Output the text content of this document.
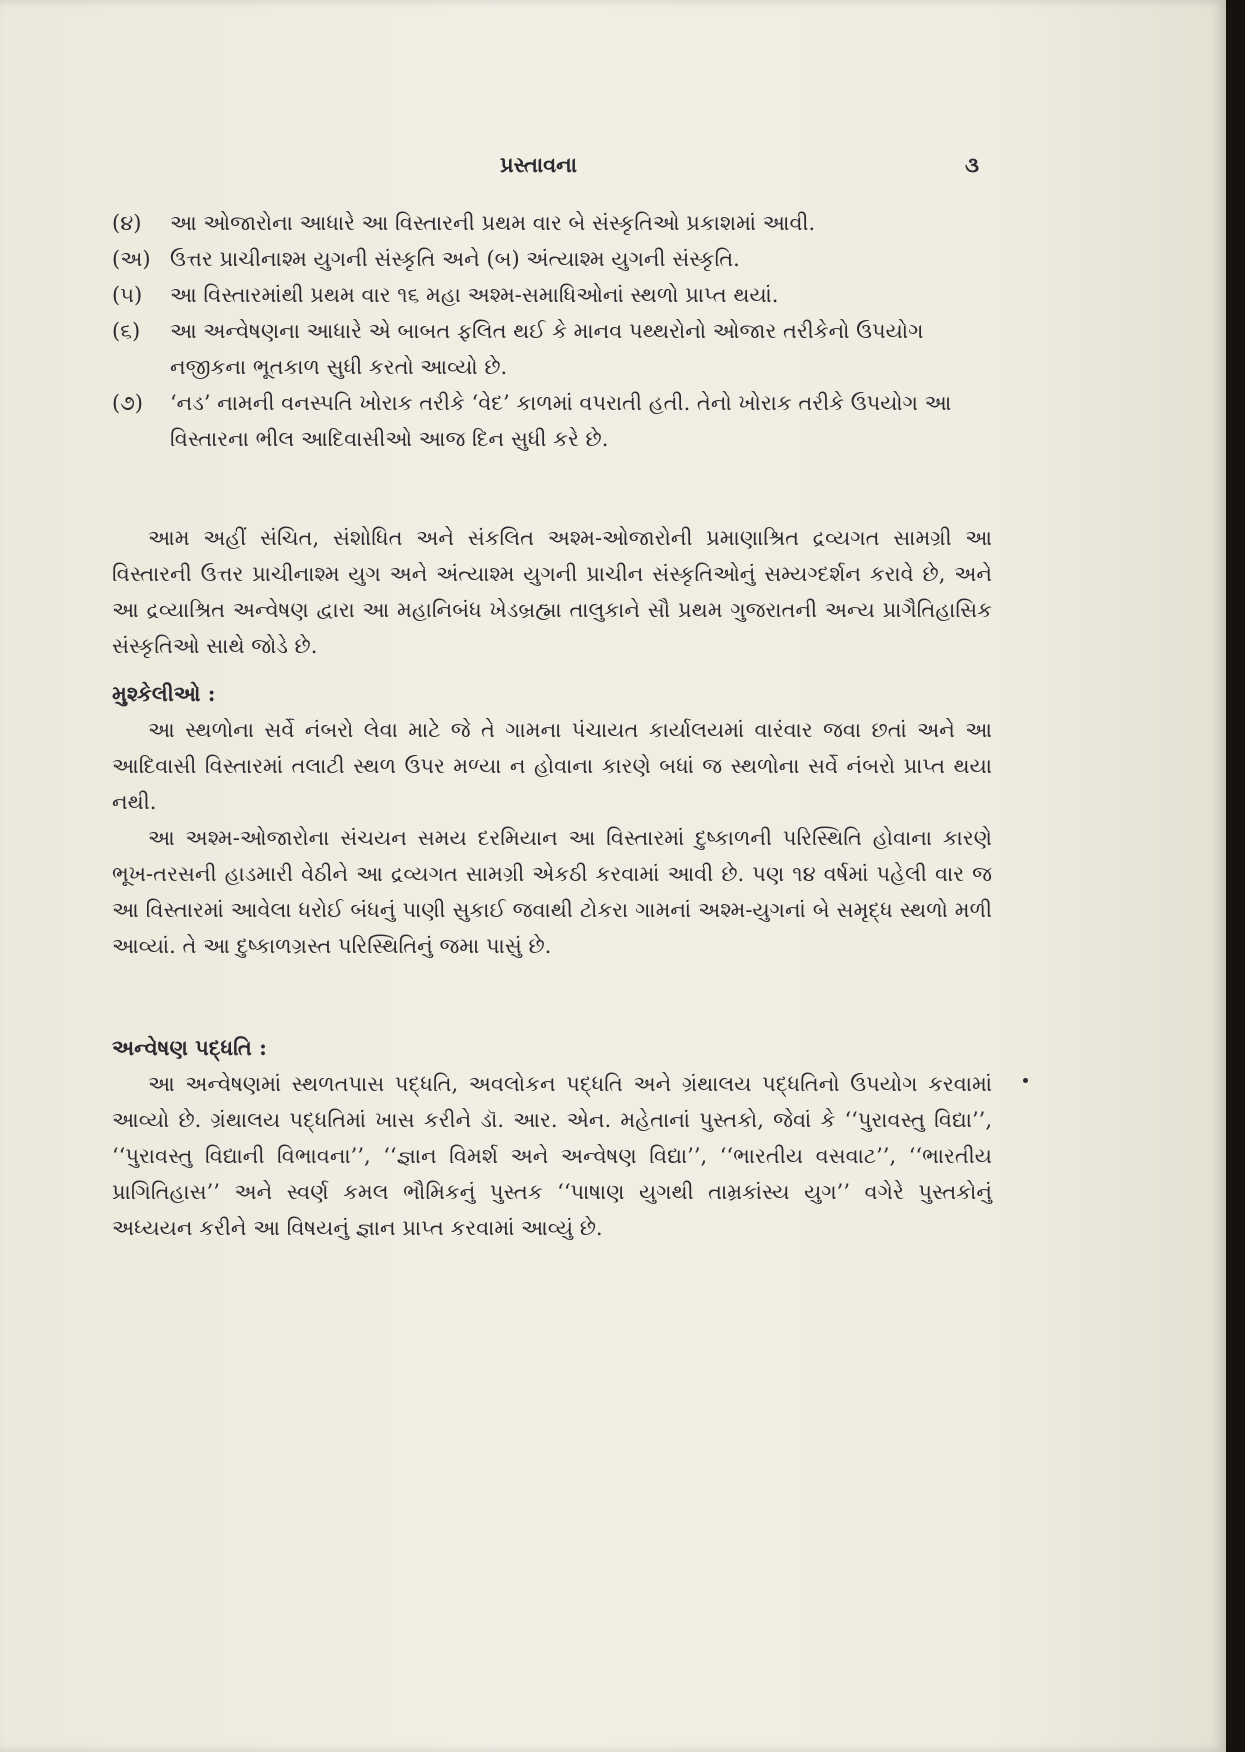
પ્રસ્તાવના	૩
(૪) આ ઓજારોના આધારે આ વિસ્તારની પ્રથમ વાર બે સંસ્કૃતિઓ પ્રકાશમાં આવી.
(અ) ઉત્તર પ્રાચીનાશ્મ યુગની સંસ્કૃતિ અને (બ) અંત્યાશ્મ યુગની સંસ્કૃતિ.
(૫) આ વિસ્તારમાંથી પ્રથમ વાર ૧૬ મહા અશ્મ-સમાધિઓનાં સ્થળો પ્રાપ્ત થયાં.
(૬) આ અન્વેષણના આધારે એ બાબત ફલિત થઈ કે માનવ પથ્થરોનો ઓજાર તરીકેનો ઉપયોગ નજીકના ભૂતકાળ સુધી કરતો આવ્યો છે.
(૭) ‘નડ’ નામની વનસ્પતિ ખોરાક તરીકે ‘વેદ’ કાળમાં વપરાતી હતી. તેનો ખોરાક તરીકે ઉપયોગ આ વિસ્તારના ભીલ આદિવાસીઓ આજ દિન સુધી કરે છે.

આમ અહીં સંચિત, સંશોધિત અને સંકલિત અશ્મ-ઓજારોની પ્રમાણાશ્રિત દ્રવ્યગત સામગ્રી આ વિસ્તારની ઉત્તર પ્રાચીનાશ્મ યુગ અને અંત્યાશ્મ યુગની પ્રાચીન સંસ્કૃતિઓનું સમ્યગ્દર્શન કરાવે છે, અને આ દ્રવ્યાશ્રિત અન્વેષણ દ્વારા આ મહાનિબંધ ખેડબ્રહ્મા તાલુકાને સૌ પ્રથમ ગુજરાતની અન્ય પ્રાગૈતિહાસિક સંસ્કૃતિઓ સાથે જોડે છે.

મુશ્કેલીઓ :

આ સ્થળોના સર્વે નંબરો લેવા માટે જે તે ગામના પંચાયત કાર્યાલયમાં વારંવાર જવા છતાં અને આ આદિવાસી વિસ્તારમાં તલાટી સ્થળ ઉપર મળ્યા ન હોવાના કારણે બધાં જ સ્થળોના સર્વે નંબરો પ્રાપ્ત થયા નથી.

આ અશ્મ-ઓજારોના સંચયન સમય દરમિયાન આ વિસ્તારમાં દુષ્કાળની પરિસ્થિતિ હોવાના કારણે ભૂખ-તરસની હાડમારી વેઠીને આ દ્રવ્યગત સામગ્રી એકઠી કરવામાં આવી છે. પણ ૧૪ વર્ષમાં પહેલી વાર જ આ વિસ્તારમાં આવેલા ધરોઈ બંધનું પાણી સુકાઈ જવાથી ટોકરા ગામનાં અશ્મ-યુગનાં બે સમૃદ્ધ સ્થળો મળી આવ્યાં. તે આ દુષ્કાળગ્રસ્ત પરિસ્થિતિનું જમા પાસું છે.

અન્વેષણ પદ્ધતિ :

આ અન્વેષણમાં સ્થળતપાસ પદ્ધતિ, અવલોકન પદ્ધતિ અને ગ્રંથાલય પદ્ધતિનો ઉપયોગ કરવામાં આવ્યો છે. ગ્રંથાલય પદ્ધતિમાં ખાસ કરીને ડૉ. આર. એન. મહેતાનાં પુસ્તકો, જેવાં કે ‘‘પુરાવસ્તુ વિદ્યા’’, ‘‘પુરાવસ્તુ વિદ્યાની વિભાવના’’, ‘‘જ્ઞાન વિમર્શ અને અન્વેષણ વિદ્યા’’, ‘‘ભારતીય વસવાટ’’, ‘‘ભારતીય પ્રાગિતિહાસ’’ અને સ્વર્ણ કમલ ભૌમિકનું પુસ્તક ‘‘પાષાણ યુગથી તામ્રકાંસ્ય યુગ’’ વગેરે પુસ્તકોનું અધ્યયન કરીને આ વિષયનું જ્ઞાન પ્રાપ્ત કરવામાં આવ્યું છે.
